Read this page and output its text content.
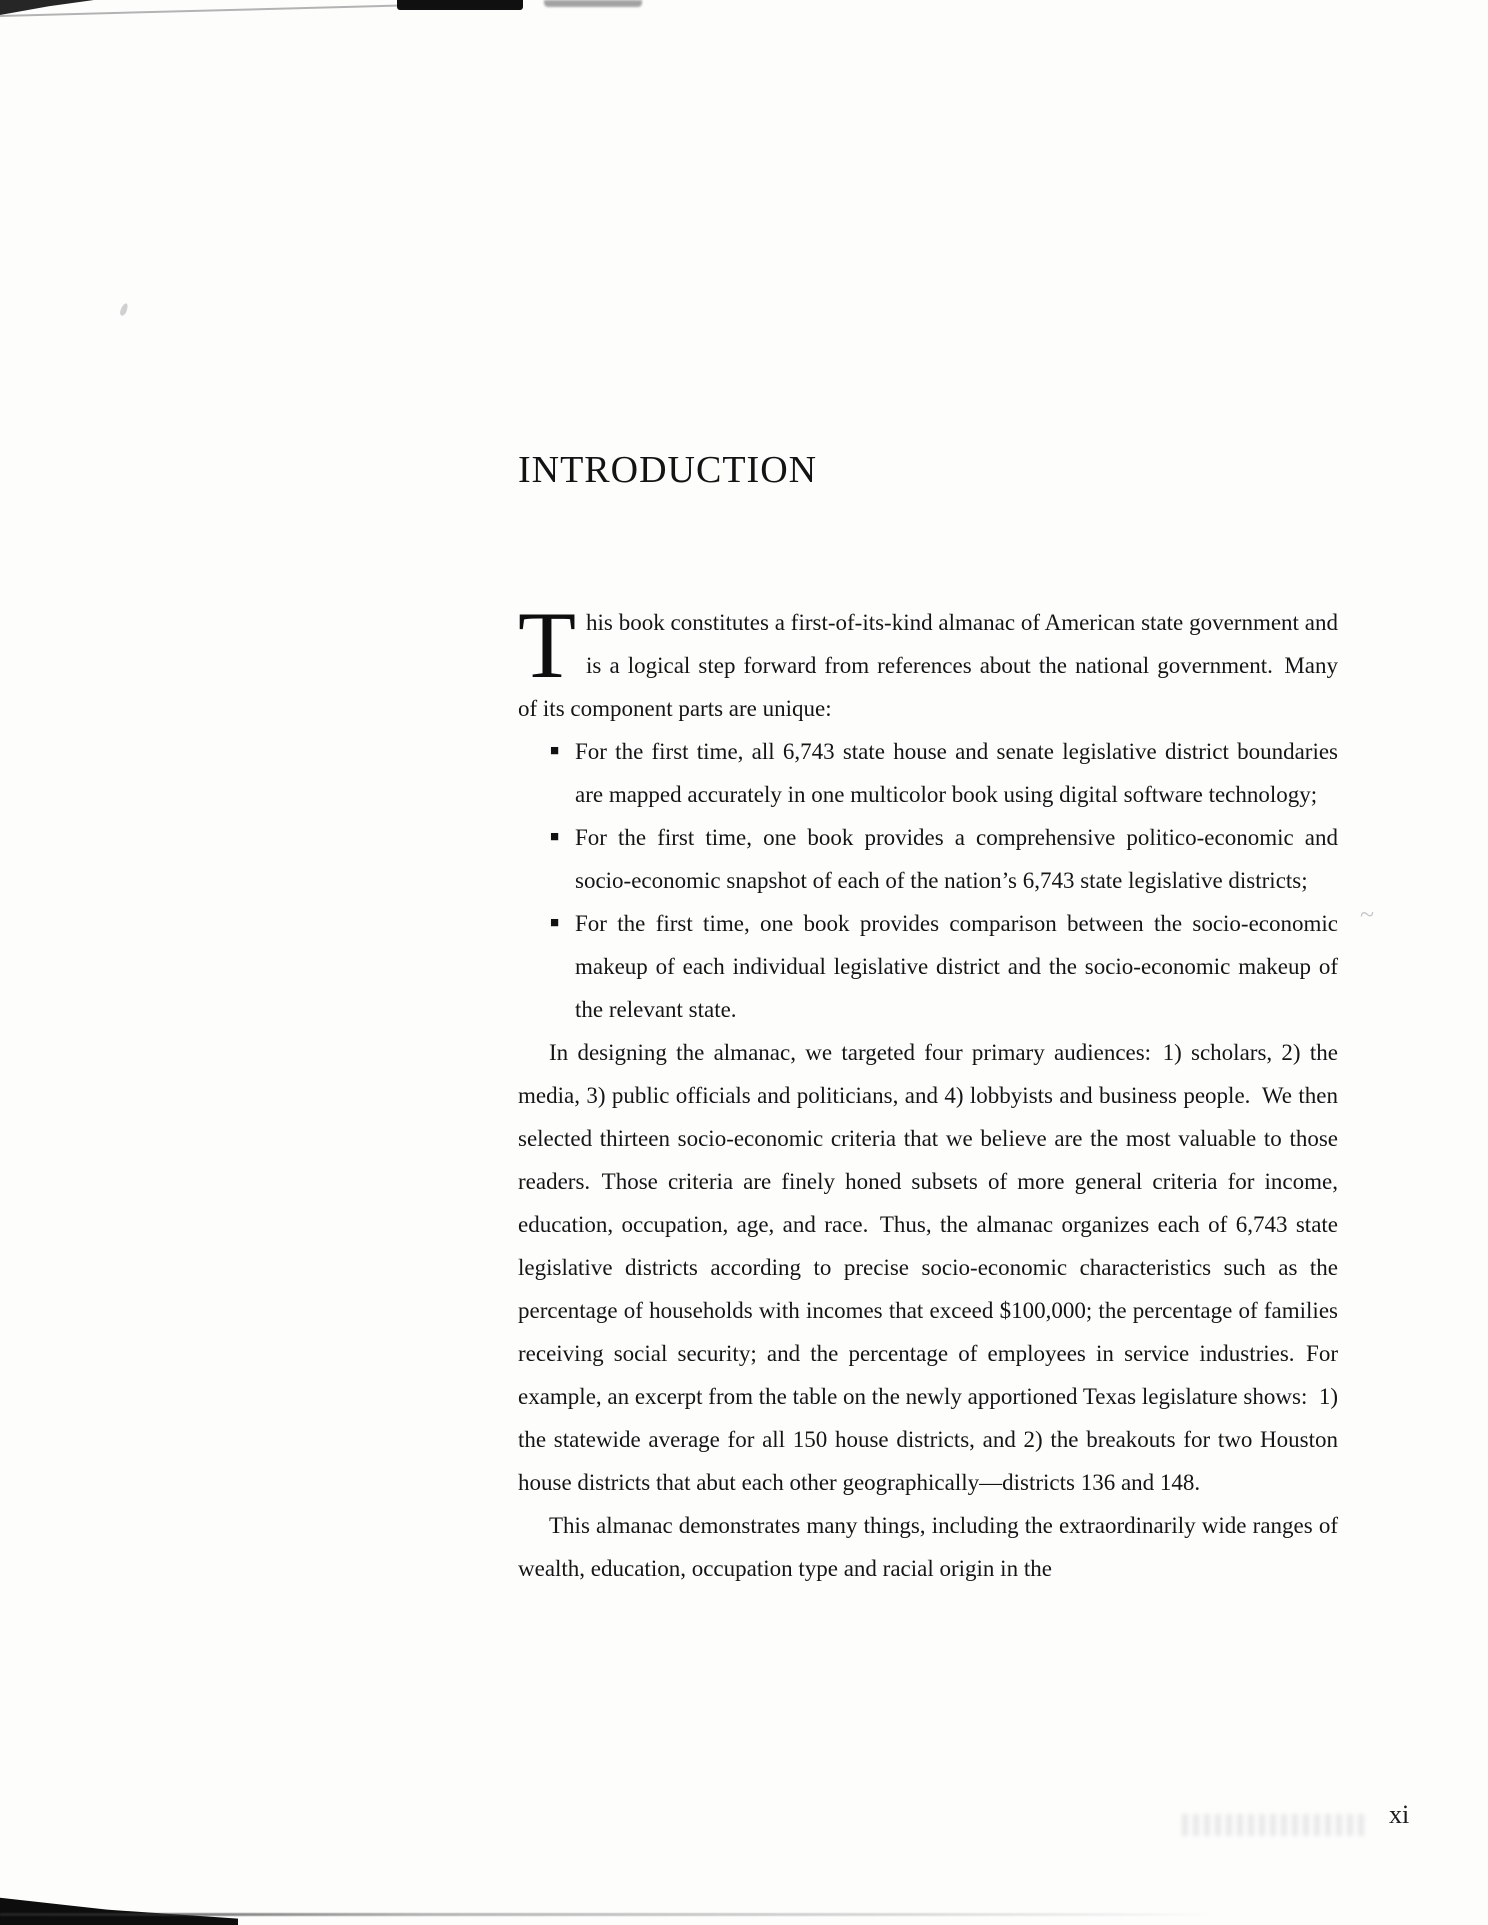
~
INTRODUCTION

This book constitutes a first-of-its-kind almanac of American state government and is a logical step forward from references about the national government. Many of its component parts are unique:

■ For the first time, all 6,743 state house and senate legislative district boundaries are mapped accurately in one multicolor book using digital software technology;
■ For the first time, one book provides a comprehensive politico-economic and socio-economic snapshot of each of the nation’s 6,743 state legislative districts;
■ For the first time, one book provides comparison between the socio-economic makeup of each individual legislative district and the socio-economic makeup of the relevant state.

In designing the almanac, we targeted four primary audiences: 1) scholars, 2) the media, 3) public officials and politicians, and 4) lobbyists and business people. We then selected thirteen socio-economic criteria that we believe are the most valuable to those readers. Those criteria are finely honed subsets of more general criteria for income, education, occupation, age, and race. Thus, the almanac organizes each of 6,743 state legislative districts according to precise socio-economic characteristics such as the percentage of households with incomes that exceed $100,000; the percentage of families receiving social security; and the percentage of employees in service industries. For example, an excerpt from the table on the newly apportioned Texas legislature shows: 1) the statewide average for all 150 house districts, and 2) the breakouts for two Houston house districts that abut each other geographically—districts 136 and 148.

This almanac demonstrates many things, including the extraordinarily wide ranges of wealth, education, occupation type and racial origin in the

xi
